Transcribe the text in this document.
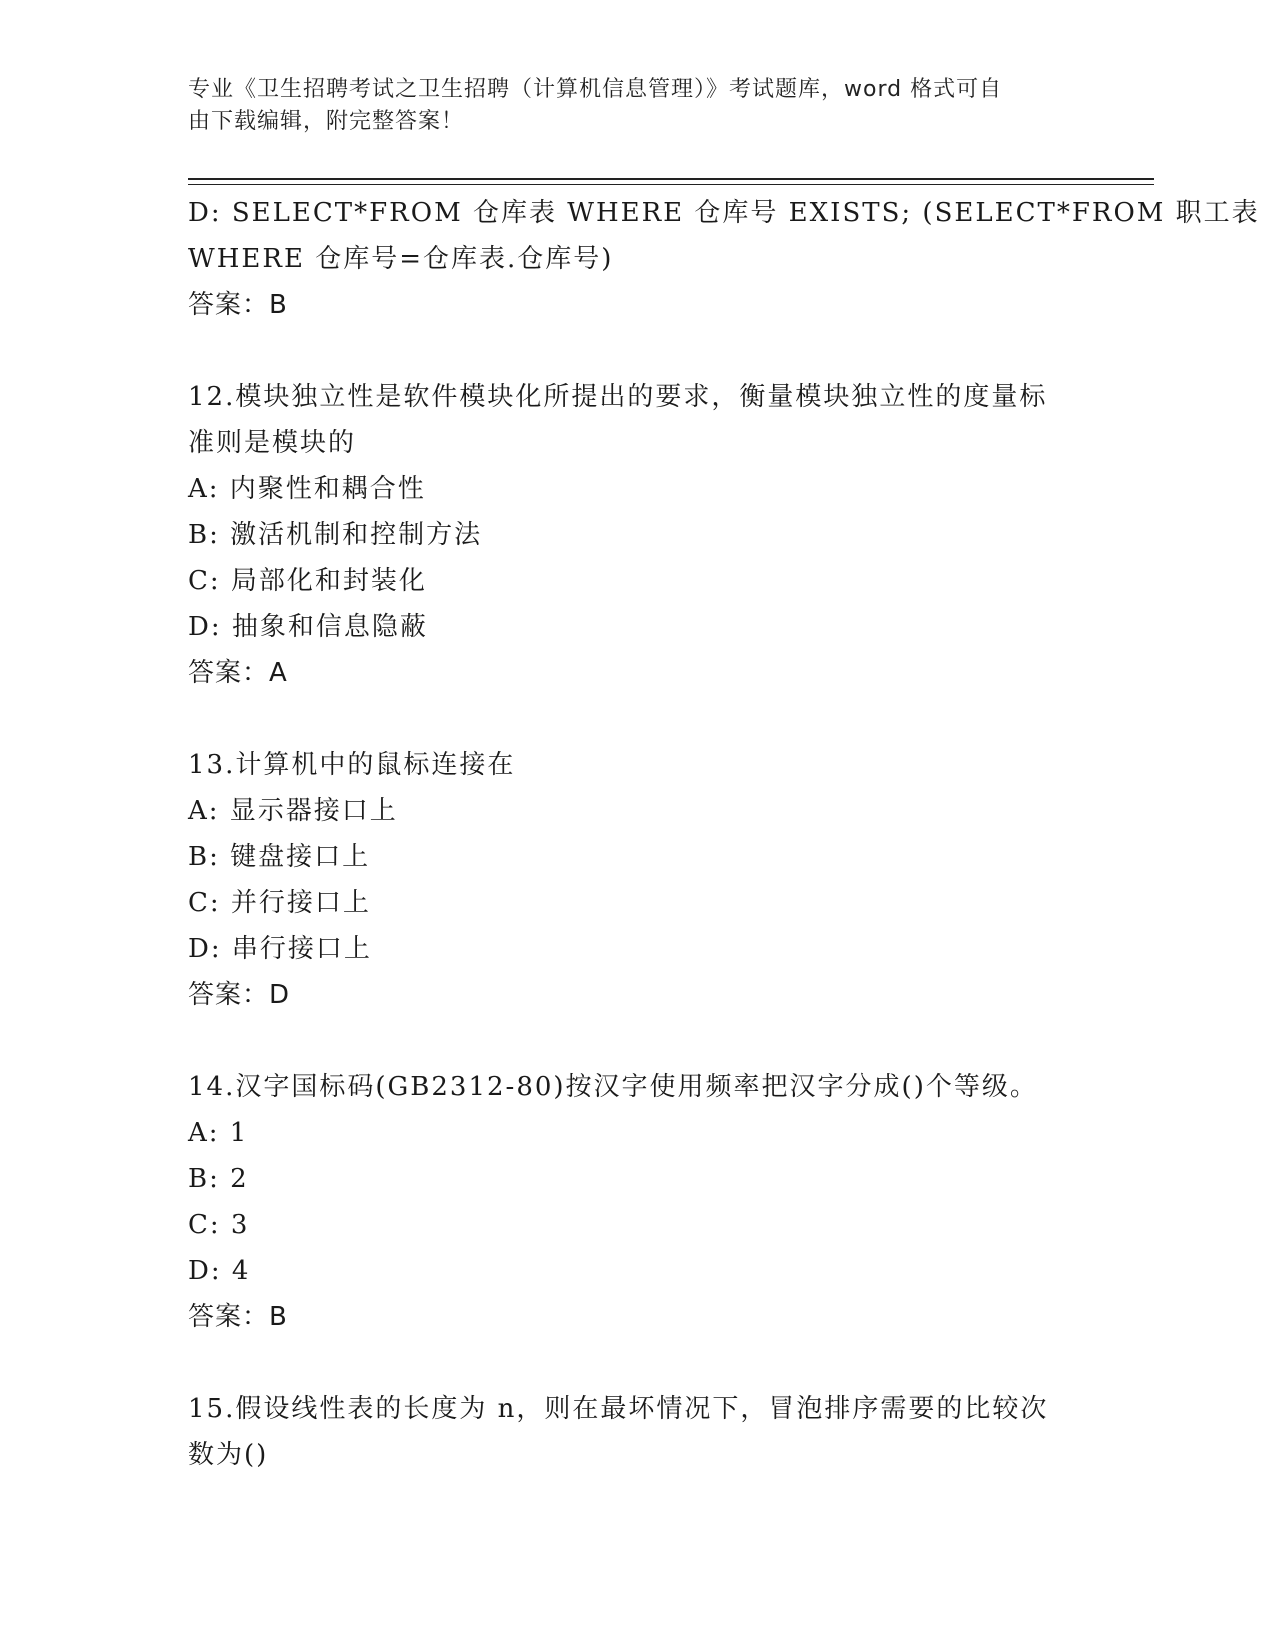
专业《卫生招聘考试之卫生招聘（计算机信息管理）》考试题库，word 格式可自
由下载编辑，附完整答案！
D: SELECT*FROM 仓库表 WHERE 仓库号 EXISTS; (SELECT*FROM 职工表
WHERE 仓库号=仓库表.仓库号)
答案：B
12.模块独立性是软件模块化所提出的要求，衡量模块独立性的度量标
准则是模块的
A: 内聚性和耦合性
B: 激活机制和控制方法
C: 局部化和封装化
D: 抽象和信息隐蔽
答案：A
13.计算机中的鼠标连接在
A: 显示器接口上
B: 键盘接口上
C: 并行接口上
D: 串行接口上
答案：D
14.汉字国标码(GB2312-80)按汉字使用频率把汉字分成()个等级。
A: 1
B: 2
C: 3
D: 4
答案：B
15.假设线性表的长度为 n，则在最坏情况下，冒泡排序需要的比较次
数为()
